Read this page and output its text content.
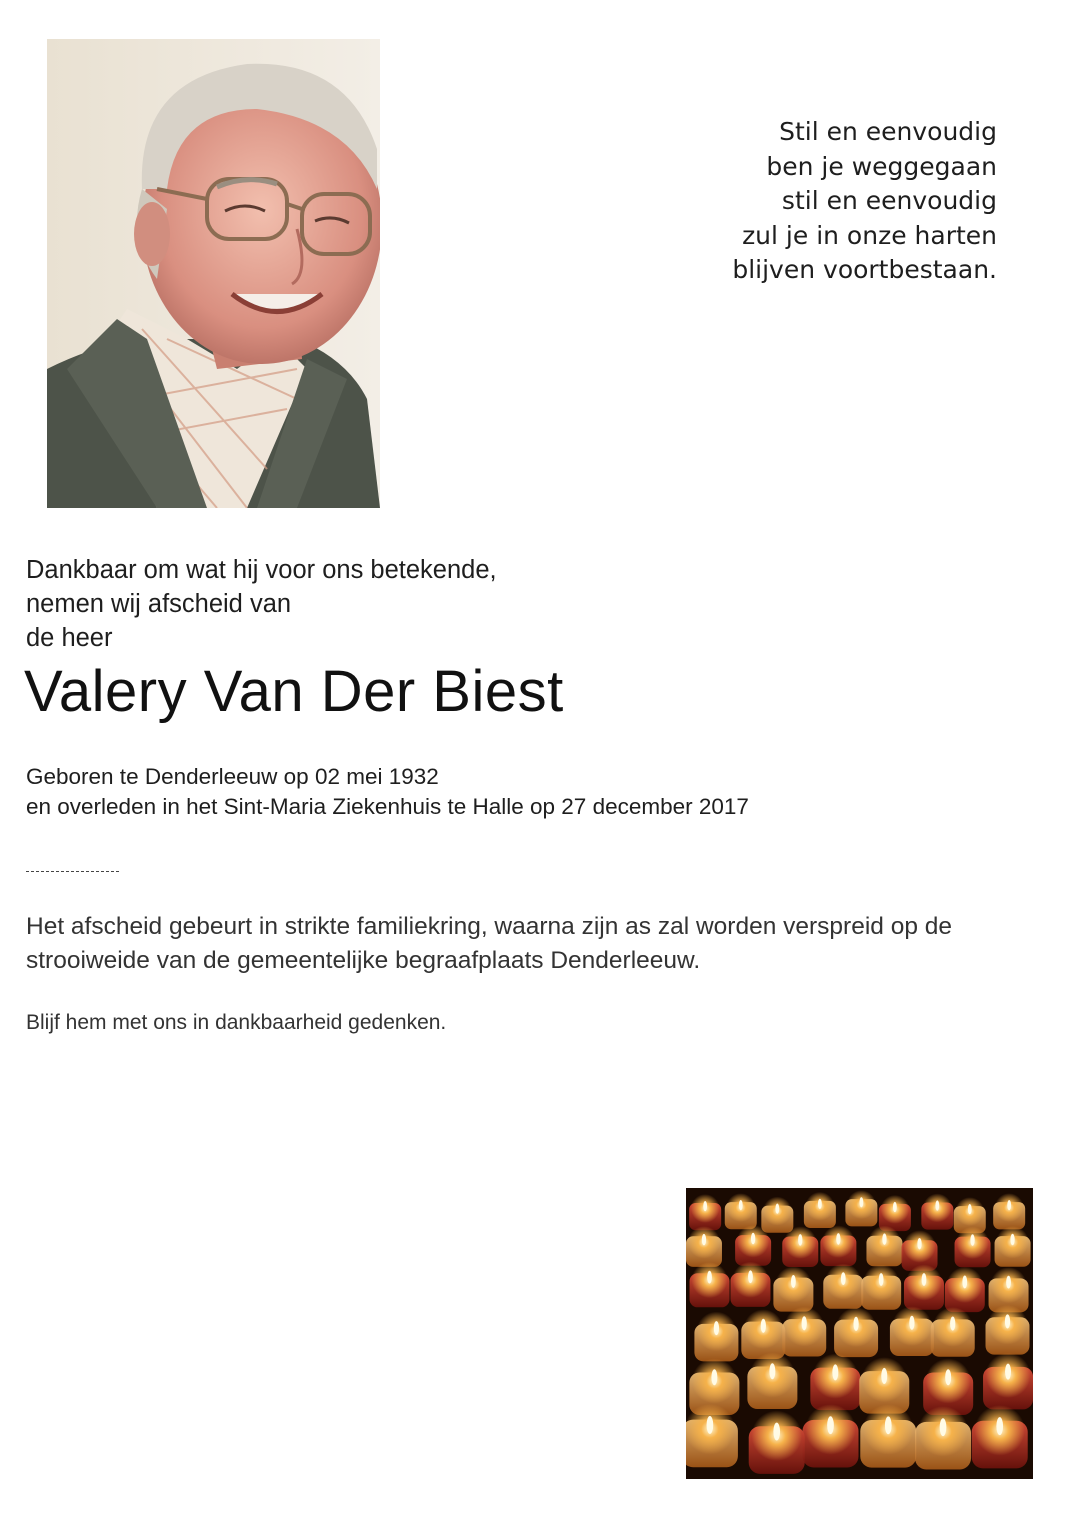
Stil en eenvoudig
ben je weggegaan
stil en eenvoudig
zul je in onze harten
blijven voortbestaan.
Dankbaar om wat hij voor ons betekende,
nemen wij afscheid van
de heer
Valery Van Der Biest
Geboren te Denderleeuw op 02 mei 1932
en overleden in het Sint-Maria Ziekenhuis te Halle op 27 december 2017
Het afscheid gebeurt in strikte familiekring, waarna zijn as zal worden verspreid op de strooiweide van de gemeentelijke begraafplaats Denderleeuw.
Blijf hem met ons in dankbaarheid gedenken.
